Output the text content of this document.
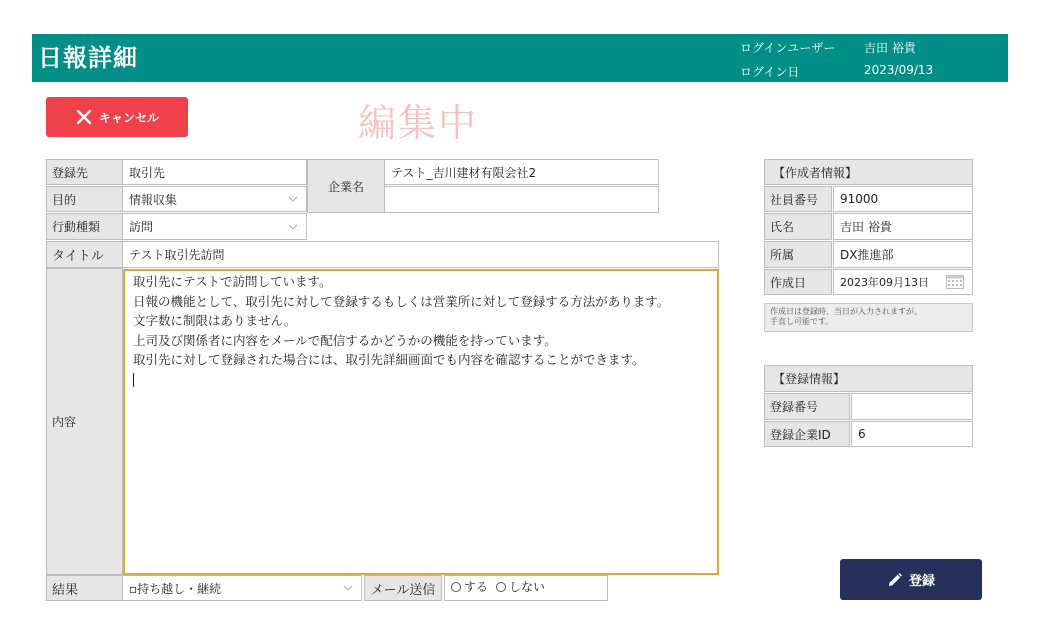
日報詳細	ログインユーザー 吉田 裕貴
ログイン日	2023/09/13
キャンセル	編集中
登録先	取引先
目的	情報収集
行動種類	訪問
企業名
テスト_吉川建材有限会社2
タイトル	テスト取引先訪問
内容
取引先にテストで訪問しています。
日報の機能として、取引先に対して登録するもしくは営業所に対して登録する方法があります。
文字数に制限はありません。
上司及び関係者に内容をメールで配信するかどうかの機能を持っています。
取引先に対して登録された場合には、取引先詳細画面でも内容を確認することができます。
結果	▫持ち越し・継続	メール送信	する しない
【作成者情報】
社員番号	91000
氏名	吉田 裕貴
所属	DX推進部
作成日	2023年09月13日
作成日は登録時、当日が入力されますが、
手直し可能です。
【登録情報】
登録番号
登録企業ID	6
登録
